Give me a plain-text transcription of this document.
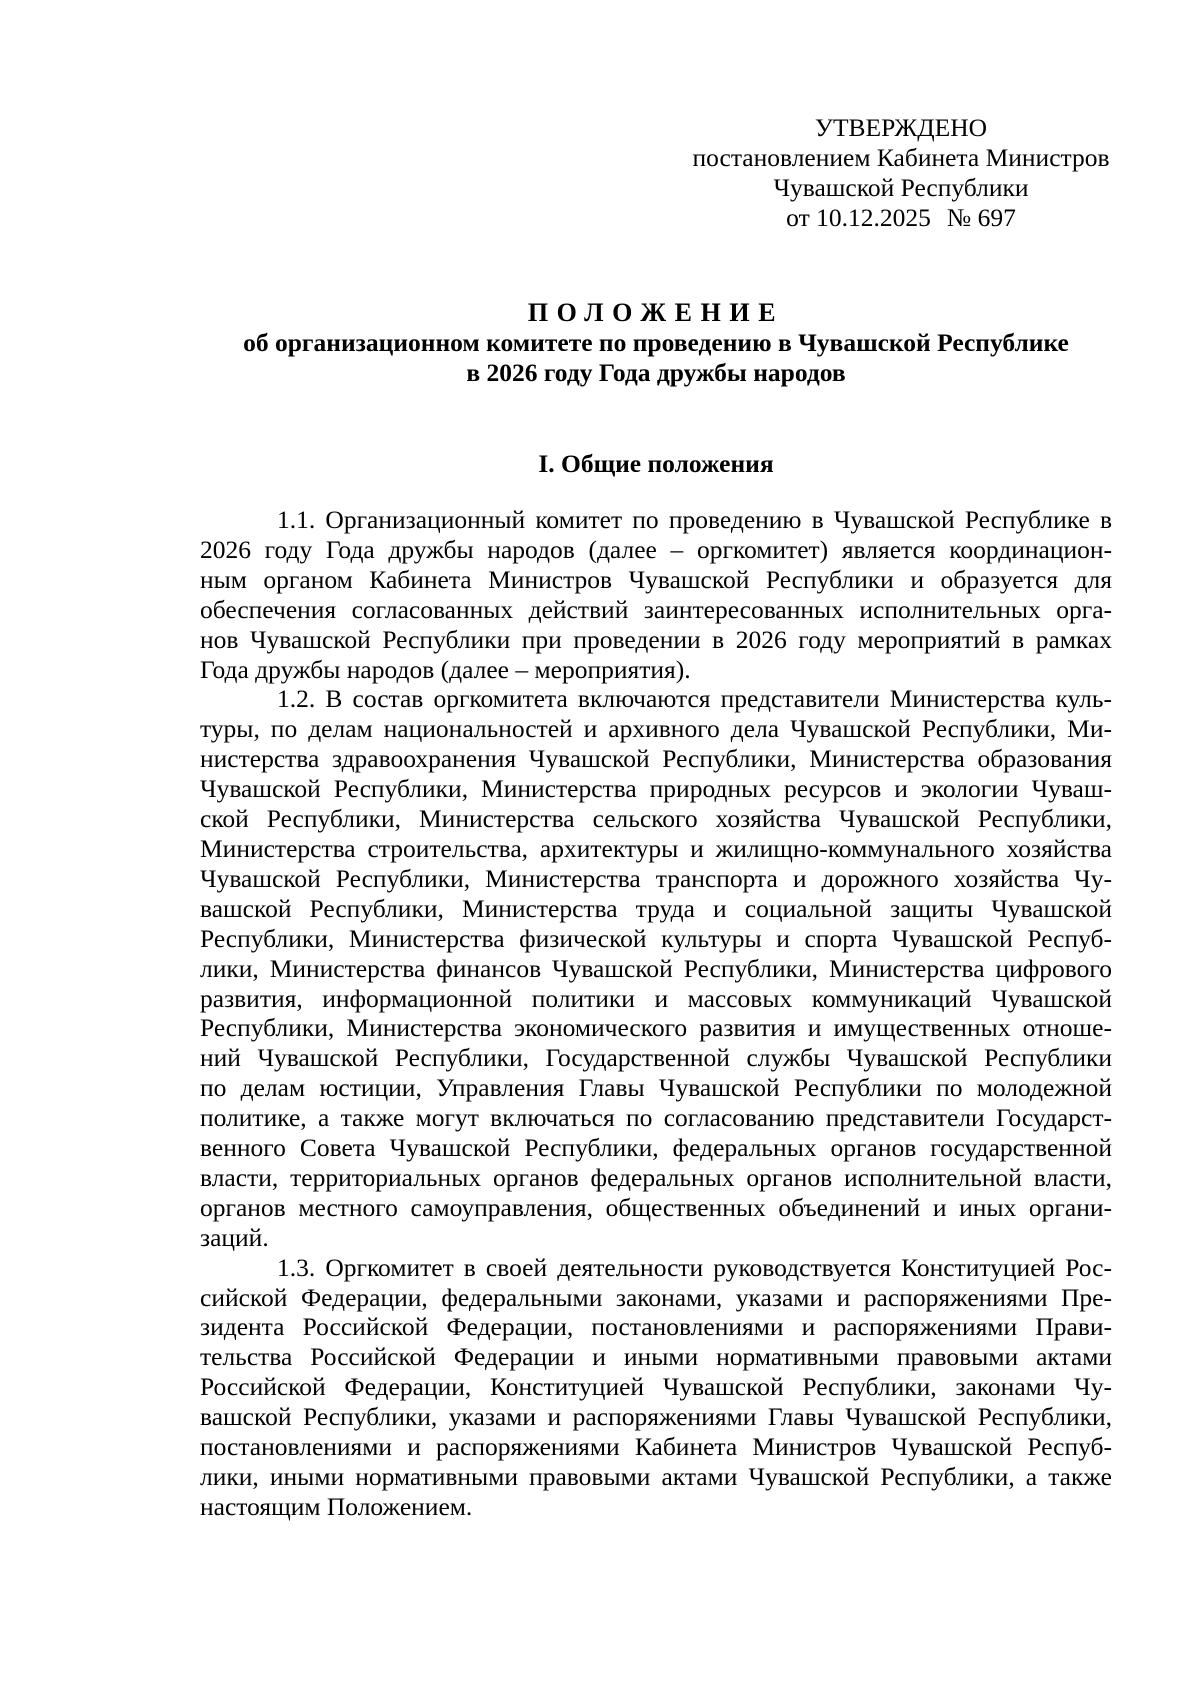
УТВЕРЖДЕНО
постановлением Кабинета Министров
Чувашской Республики
от 10.12.2025 № 697
ПОЛОЖЕНИЕ
об организационном комитете по проведению в Чувашской Республике
в 2026 году Года дружбы народов
I. Общие положения

1.1. Организационный комитет по проведению в Чувашской Республике в
2026 году Года дружбы народов (далее – оргкомитет) является координацион-
ным органом Кабинета Министров Чувашской Республики и образуется для
обеспечения согласованных действий заинтересованных исполнительных орга-
нов Чувашской Республики при проведении в 2026 году мероприятий в рамках
Года дружбы народов (далее – мероприятия).

1.2. В состав оргкомитета включаются представители Министерства куль-
туры, по делам национальностей и архивного дела Чувашской Республики, Ми-
нистерства здравоохранения Чувашской Республики, Министерства образования
Чувашской Республики, Министерства природных ресурсов и экологии Чуваш-
ской Республики, Министерства сельского хозяйства Чувашской Республики,
Министерства строительства, архитектуры и жилищно-коммунального хозяйства
Чувашской Республики, Министерства транспорта и дорожного хозяйства Чу-
вашской Республики, Министерства труда и социальной защиты Чувашской
Республики, Министерства физической культуры и спорта Чувашской Респуб-
лики, Министерства финансов Чувашской Республики, Министерства цифрового
развития, информационной политики и массовых коммуникаций Чувашской
Республики, Министерства экономического развития и имущественных отноше-
ний Чувашской Республики, Государственной службы Чувашской Республики
по делам юстиции, Управления Главы Чувашской Республики по молодежной
политике, а также могут включаться по согласованию представители Государст-
венного Совета Чувашской Республики, федеральных органов государственной
власти, территориальных органов федеральных органов исполнительной власти,
органов местного самоуправления, общественных объединений и иных органи-
заций.

1.3. Оргкомитет в своей деятельности руководствуется Конституцией Рос-
сийской Федерации, федеральными законами, указами и распоряжениями Пре-
зидента Российской Федерации, постановлениями и распоряжениями Прави-
тельства Российской Федерации и иными нормативными правовыми актами
Российской Федерации, Конституцией Чувашской Республики, законами Чу-
вашской Республики, указами и распоряжениями Главы Чувашской Республики,
постановлениями и распоряжениями Кабинета Министров Чувашской Респуб-
лики, иными нормативными правовыми актами Чувашской Республики, а также
настоящим Положением.
